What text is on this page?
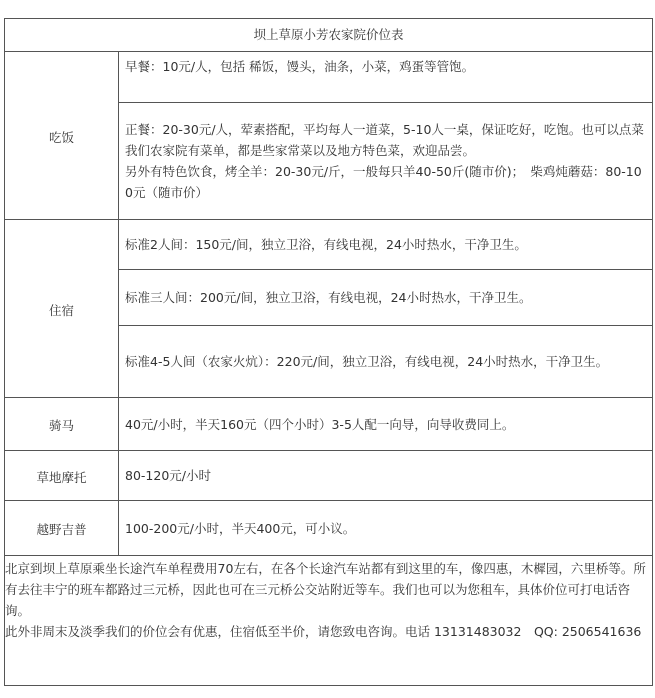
坝上草原小芳农家院价位表	
吃饭	早餐：10元/人，包括 稀饭，馒头，油条，小菜，鸡蛋等管饱。

	正餐：20-30元/人，荤素搭配，平均每人一道菜，5-10人一桌，保证吃好，吃饱。也可以点菜我们农家院有菜单，都是些家常菜以及地方特色菜，欢迎品尝。
另外有特色饮食，烤全羊：20-30元/斤，一般每只羊40-50斤(随市价)；　柴鸡炖蘑菇：80-100元（随市价）

住宿	标准2人间：150元/间，独立卫浴，有线电视，24小时热水，干净卫生。

	标准三人间：200元/间，独立卫浴，有线电视，24小时热水，干净卫生。

	标准4-5人间（农家火炕）：220元/间，独立卫浴，有线电视，24小时热水，干净卫生。

骑马	40元/小时，半天160元（四个小时）3-5人配一向导，向导收费同上。

草地摩托	80-120元/小时

越野吉普	100-200元/小时，半天400元，可小议。

北京到坝上草原乘坐长途汽车单程费用70左右，在各个长途汽车站都有到这里的车，像四惠，木樨园，六里桥等。所有去往丰宁的班车都路过三元桥，因此也可在三元桥公交站附近等车。我们也可以为您租车，具体价位可打电话咨询。
此外非周末及淡季我们的价位会有优惠，住宿低至半价，请您致电咨询。电话 13131483032　QQ: 2506541636	
